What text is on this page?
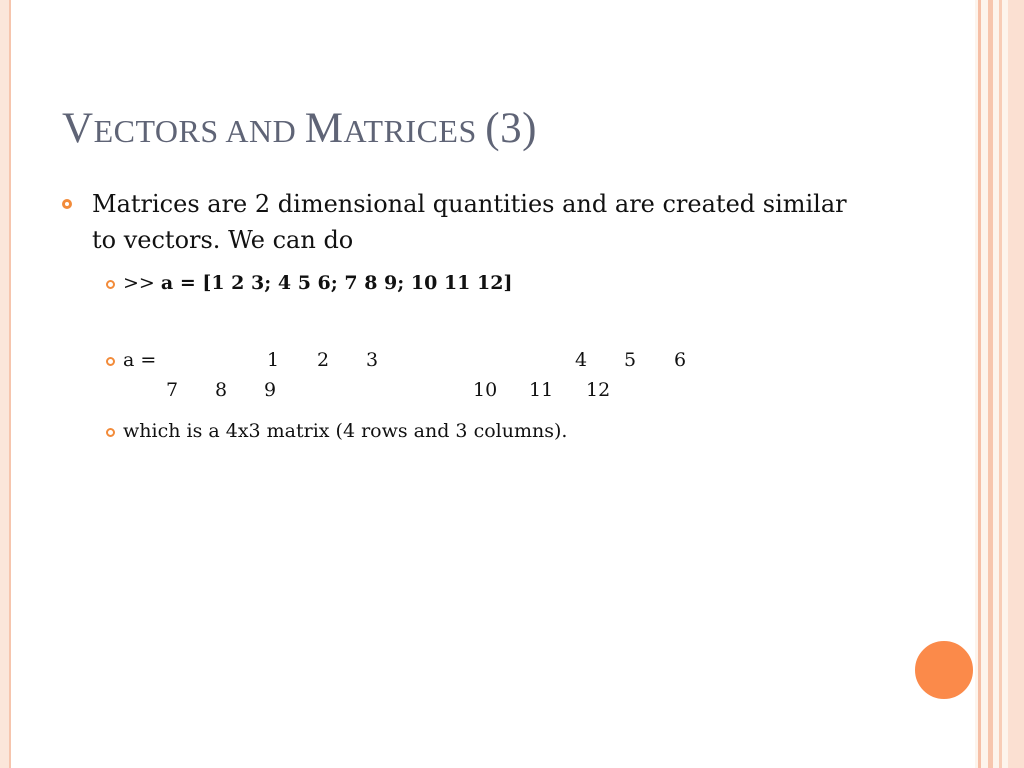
VECTORS AND MATRICES (3)
Matrices are 2 dimensional quantities and are created similar to vectors. We can do
>> a = [1 2 3; 4 5 6; 7 8 9; 10 11 12]
a =	1 2 3	4 5 6
7 8 9	10 11 12
which is a 4x3 matrix (4 rows and 3 columns).
